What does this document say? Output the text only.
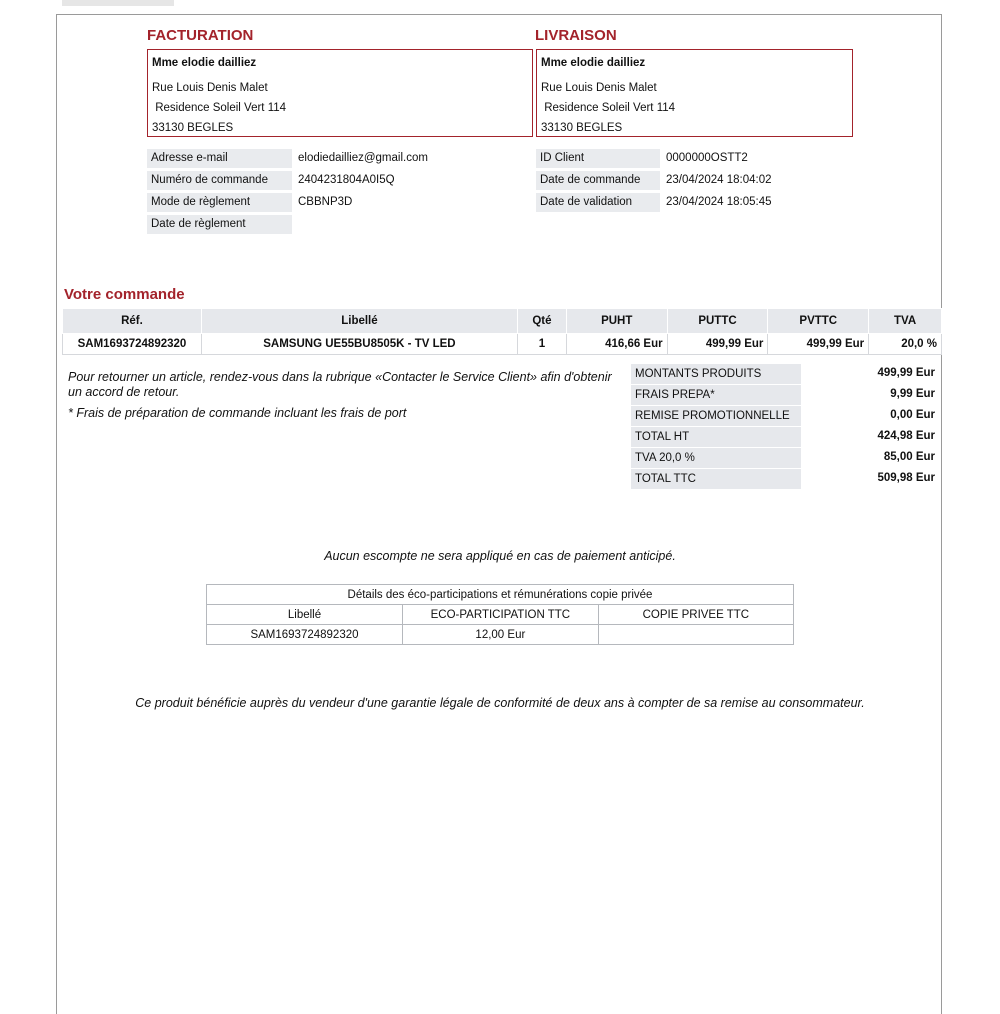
FACTURATION
Mme elodie dailliez
Rue Louis Denis Malet
Residence Soleil Vert 114
33130 BEGLES
LIVRAISON
Mme elodie dailliez
Rue Louis Denis Malet
Residence Soleil Vert 114
33130 BEGLES
Adresse e-mail	elodiedailliez@gmail.com
Numéro de commande	2404231804A0I5Q
Mode de règlement	CBBNP3D
Date de règlement
ID Client	0000000OSTT2
Date de commande	23/04/2024 18:04:02
Date de validation	23/04/2024 18:05:45
Votre commande
Réf.	Libellé	Qté	PUHT	PUTTC	PVTTC	TVA
SAM1693724892320	SAMSUNG UE55BU8505K - TV LED	1	416,66 Eur	499,99 Eur	499,99 Eur	20,0 %

Pour retourner un article, rendez-vous dans la rubrique «Contacter le Service Client» afin d'obtenir un accord de retour.

* Frais de préparation de commande incluant les frais de port

MONTANTS PRODUITS	499,99 Eur
FRAIS PREPA*	9,99 Eur
REMISE PROMOTIONNELLE	0,00 Eur
TOTAL HT	424,98 Eur
TVA 20,0 %	85,00 Eur
TOTAL TTC	509,98 Eur
Aucun escompte ne sera appliqué en cas de paiement anticipé.
Détails des éco-participations et rémunérations copie privée		
Libellé	ECO-PARTICIPATION TTC	COPIE PRIVEE TTC
SAM1693724892320	12,00 Eur	
Ce produit bénéficie auprès du vendeur d'une garantie légale de conformité de deux ans à compter de sa remise au consommateur.
